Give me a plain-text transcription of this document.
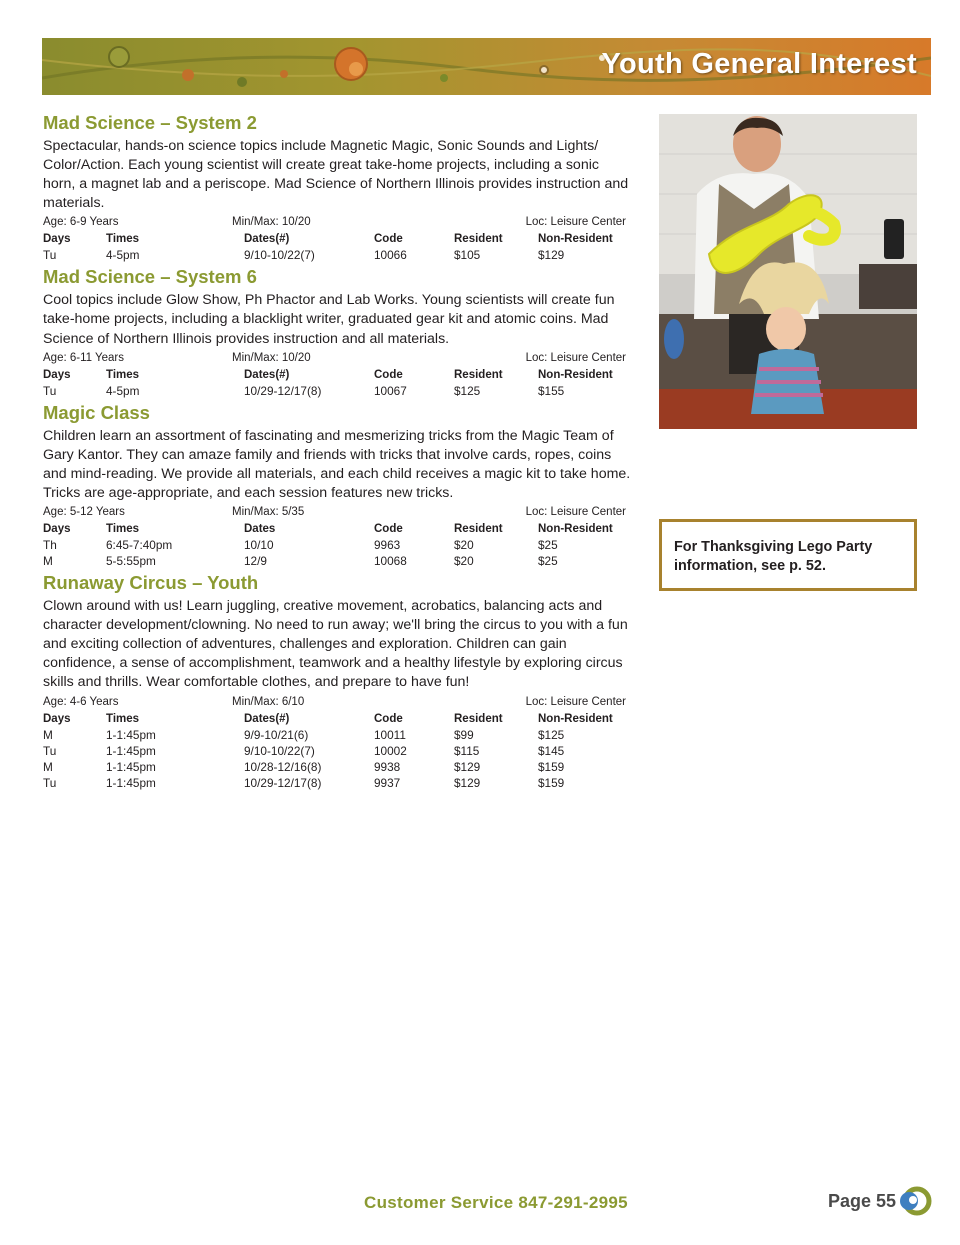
Youth General Interest
Mad Science – System 2

Spectacular, hands-on science topics include Magnetic Magic, Sonic Sounds and Lights/ Color/Action. Each young scientist will create great take-home projects, including a sonic horn, a magnet lab and a periscope. Mad Science of Northern Illinois provides instruction and materials.

Age: 6-9 Years	Min/Max: 10/20	Loc: Leisure Center
Days	Times	Dates(#)	Code	Resident	Non-Resident
Tu	4-5pm	9/10-10/22(7)	10066	$105	$129
Mad Science – System 6

Cool topics include Glow Show, Ph Phactor and Lab Works. Young scientists will create fun take-home projects, including a blacklight writer, graduated gear kit and atomic coins. Mad Science of Northern Illinois provides instruction and all materials.

Age: 6-11 Years	Min/Max: 10/20	Loc: Leisure Center
Days	Times	Dates(#)	Code	Resident	Non-Resident
Tu	4-5pm	10/29-12/17(8)	10067	$125	$155
Magic Class

Children learn an assortment of fascinating and mesmerizing tricks from the Magic Team of Gary Kantor. They can amaze family and friends with tricks that involve cards, ropes, coins and mind-reading. We provide all materials, and each child receives a magic kit to take home. Tricks are age-appropriate, and each session features new tricks.

Age: 5-12 Years	Min/Max: 5/35	Loc: Leisure Center
Days	Times	Dates	Code	Resident	Non-Resident
Th	6:45-7:40pm	10/10	9963	$20	$25
M	5-5:55pm	12/9	10068	$20	$25
Runaway Circus – Youth

Clown around with us! Learn juggling, creative movement, acrobatics, balancing acts and character development/clowning. No need to run away; we'll bring the circus to you with a fun and exciting collection of adventures, challenges and exploration. Children can gain confidence, a sense of accomplishment, teamwork and a healthy lifestyle by exploring circus skills and thrills. Wear comfortable clothes, and prepare to have fun!

Age: 4-6 Years	Min/Max: 6/10	Loc: Leisure Center
Days	Times	Dates(#)	Code	Resident	Non-Resident
M	1-1:45pm	9/9-10/21(6)	10011	$99	$125
Tu	1-1:45pm	9/10-10/22(7)	10002	$115	$145
M	1-1:45pm	10/28-12/16(8)	9938	$129	$159
Tu	1-1:45pm	10/29-12/17(8)	9937	$129	$159
For Thanksgiving Lego Party
information, see p. 52.
Customer Service 847-291-2995	Page 55
